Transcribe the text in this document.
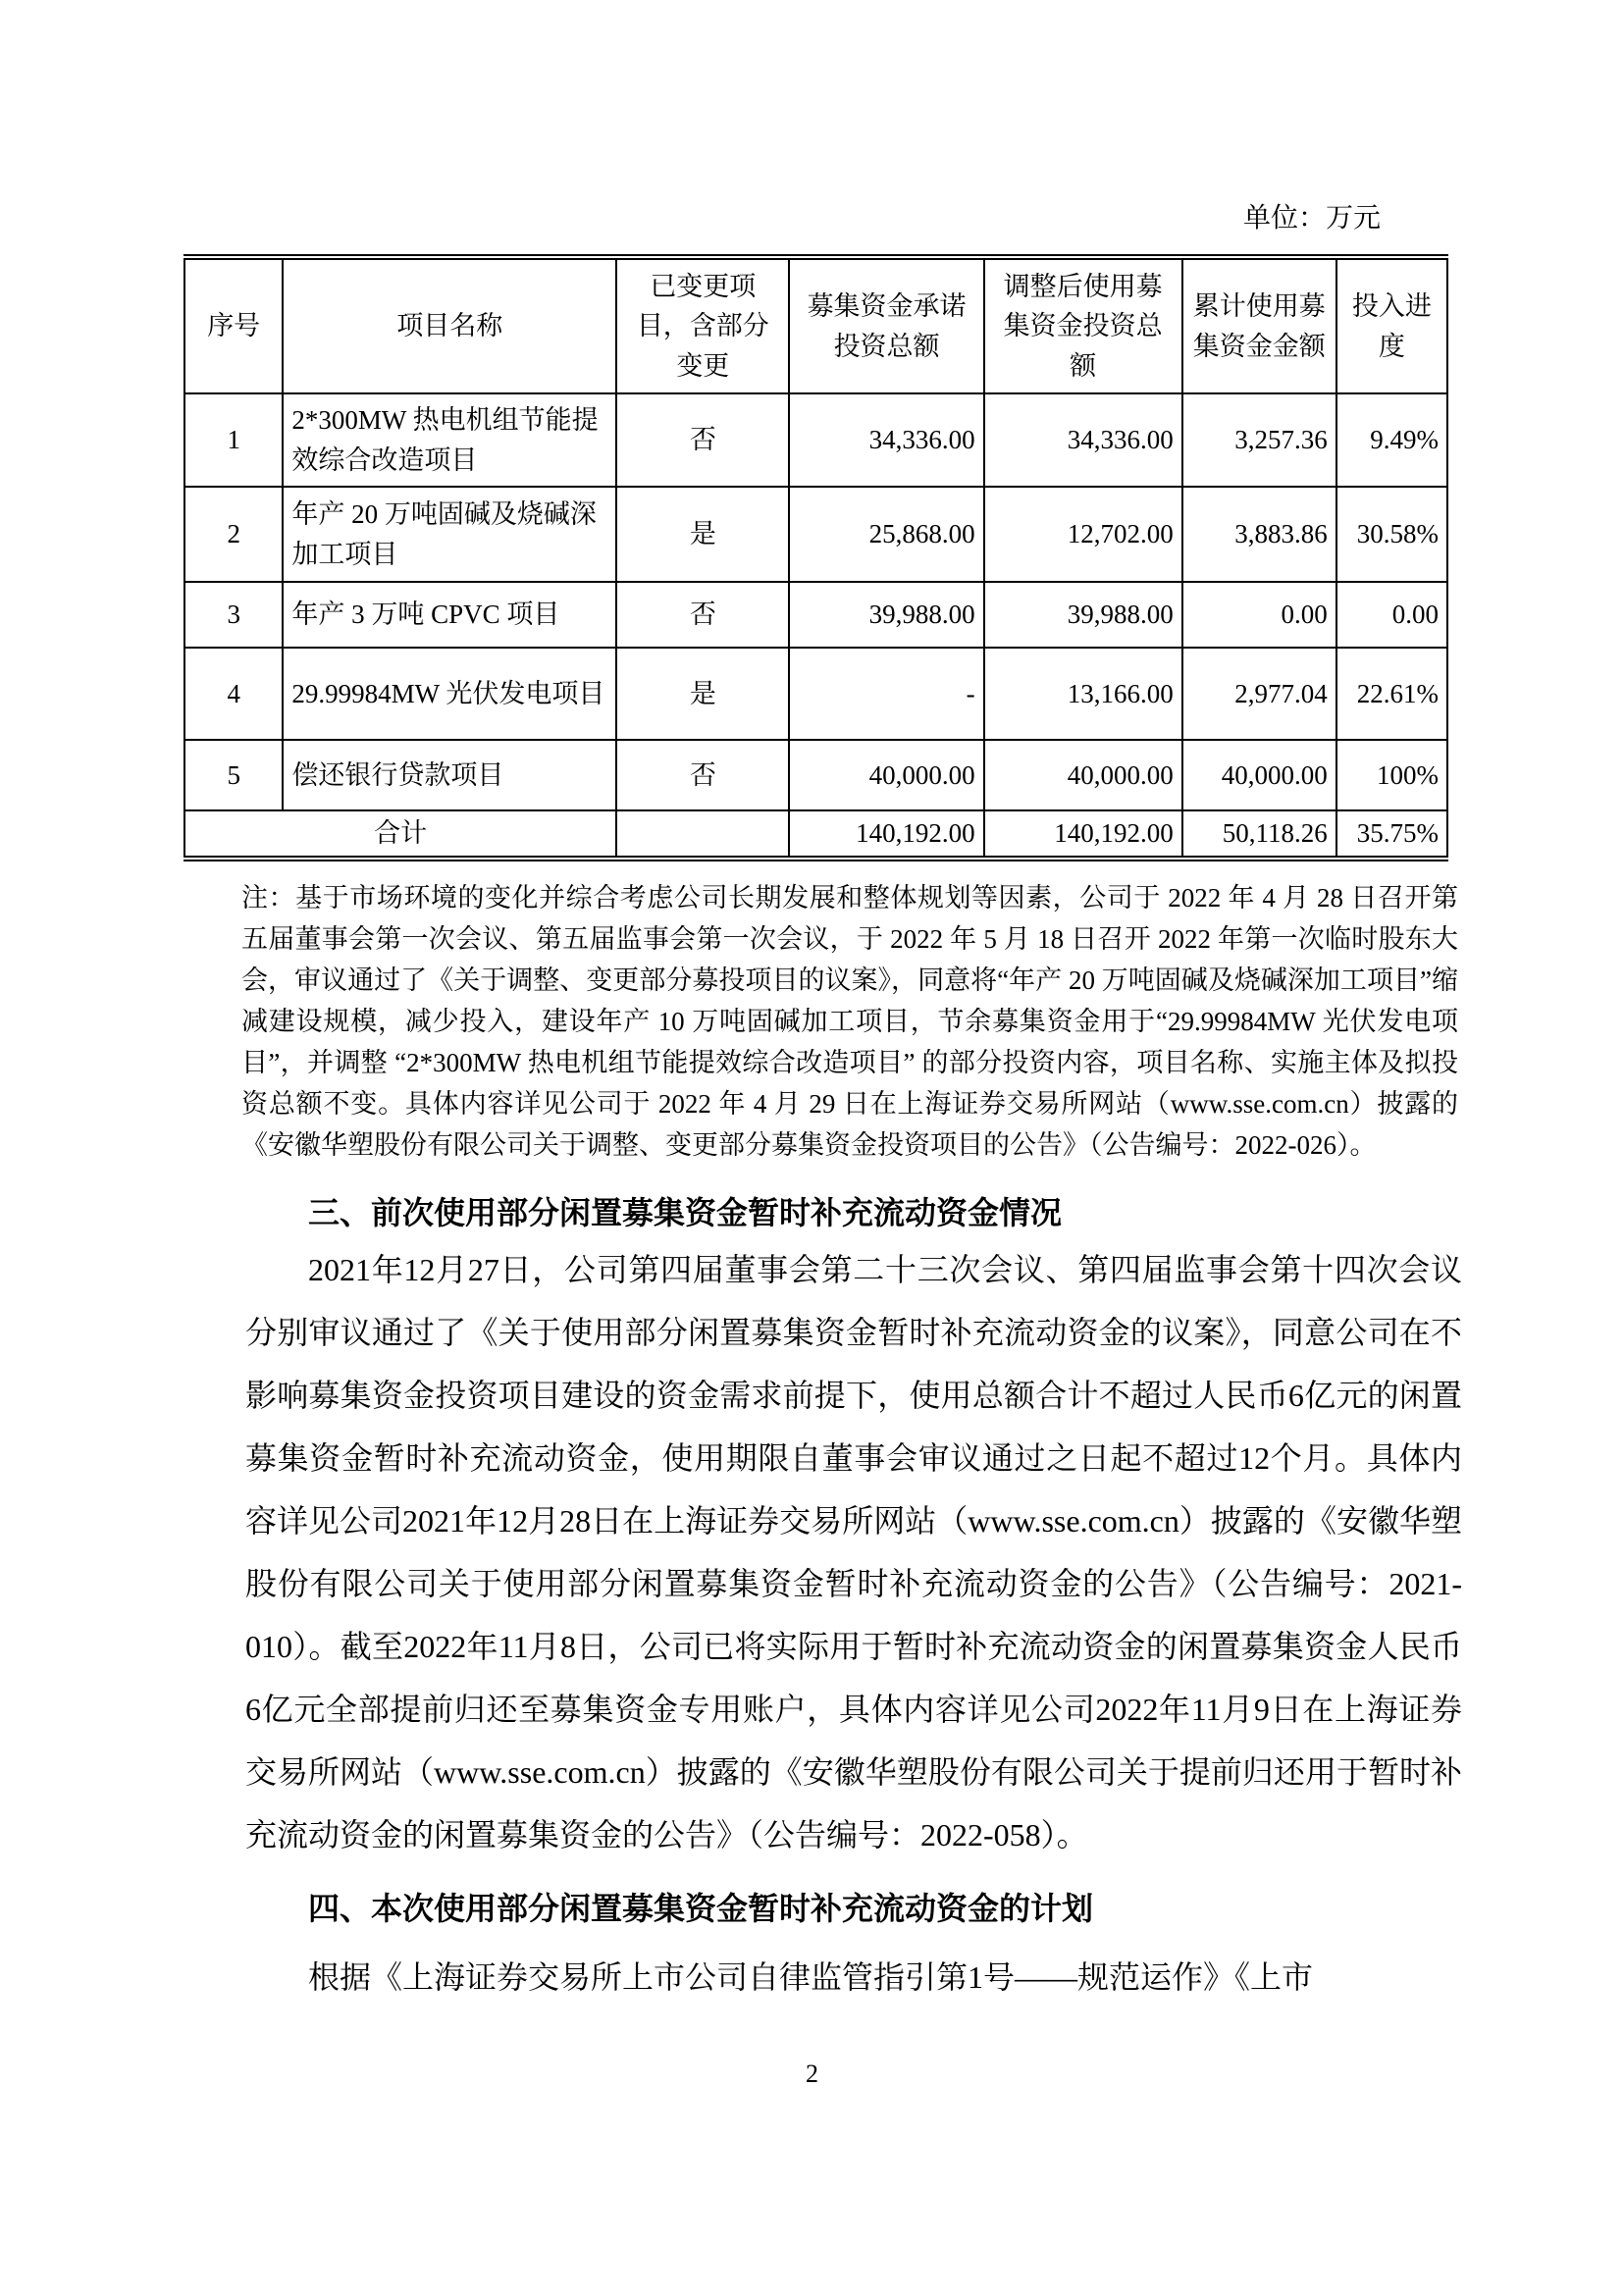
单位：万元
序号	项目名称	已变更项目，含部分变更	募集资金承诺投资总额	调整后使用募集资金投资总额	累计使用募集资金金额	投入进度
1	2*300MW 热电机组节能提效综合改造项目	否	34,336.00	34,336.00	3,257.36	9.49%
2	年产 20 万吨固碱及烧碱深加工项目	是	25,868.00	12,702.00	3,883.86	30.58%
3	年产 3 万吨 CPVC 项目	否	39,988.00	39,988.00	0.00	0.00
4	29.99984MW 光伏发电项目	是	-	13,166.00	2,977.04	22.61%
5	偿还银行贷款项目	否	40,000.00	40,000.00	40,000.00	100%
合计			140,192.00	140,192.00	50,118.26	35.75%
注：基于市场环境的变化并综合考虑公司长期发展和整体规划等因素，公司于 2022 年 4 月 28 日召开第五届董事会第一次会议、第五届监事会第一次会议，于 2022 年 5 月 18 日召开 2022 年第一次临时股东大会，审议通过了《关于调整、变更部分募投项目的议案》，同意将“年产 20 万吨固碱及烧碱深加工项目”缩减建设规模，减少投入，建设年产 10 万吨固碱加工项目，节余募集资金用于“29.99984MW 光伏发电项目”，并调整 “2*300MW 热电机组节能提效综合改造项目” 的部分投资内容，项目名称、实施主体及拟投资总额不变。具体内容详见公司于 2022 年 4 月 29 日在上海证券交易所网站（www.sse.com.cn）披露的《安徽华塑股份有限公司关于调整、变更部分募集资金投资项目的公告》（公告编号：2022-026）。
三、前次使用部分闲置募集资金暂时补充流动资金情况
2021年12月27日，公司第四届董事会第二十三次会议、第四届监事会第十四次会议分别审议通过了《关于使用部分闲置募集资金暂时补充流动资金的议案》，同意公司在不影响募集资金投资项目建设的资金需求前提下，使用总额合计不超过人民币6亿元的闲置募集资金暂时补充流动资金，使用期限自董事会审议通过之日起不超过12个月。具体内容详见公司2021年12月28日在上海证券交易所网站（www.sse.com.cn）披露的《安徽华塑股份有限公司关于使用部分闲置募集资金暂时补充流动资金的公告》（公告编号：2021-010）。截至2022年11月8日，公司已将实际用于暂时补充流动资金的闲置募集资金人民币6亿元全部提前归还至募集资金专用账户，具体内容详见公司2022年11月9日在上海证券交易所网站（www.sse.com.cn）披露的《安徽华塑股份有限公司关于提前归还用于暂时补充流动资金的闲置募集资金的公告》（公告编号：2022-058）。
四、本次使用部分闲置募集资金暂时补充流动资金的计划
根据《上海证券交易所上市公司自律监管指引第1号——规范运作》《上市
2
